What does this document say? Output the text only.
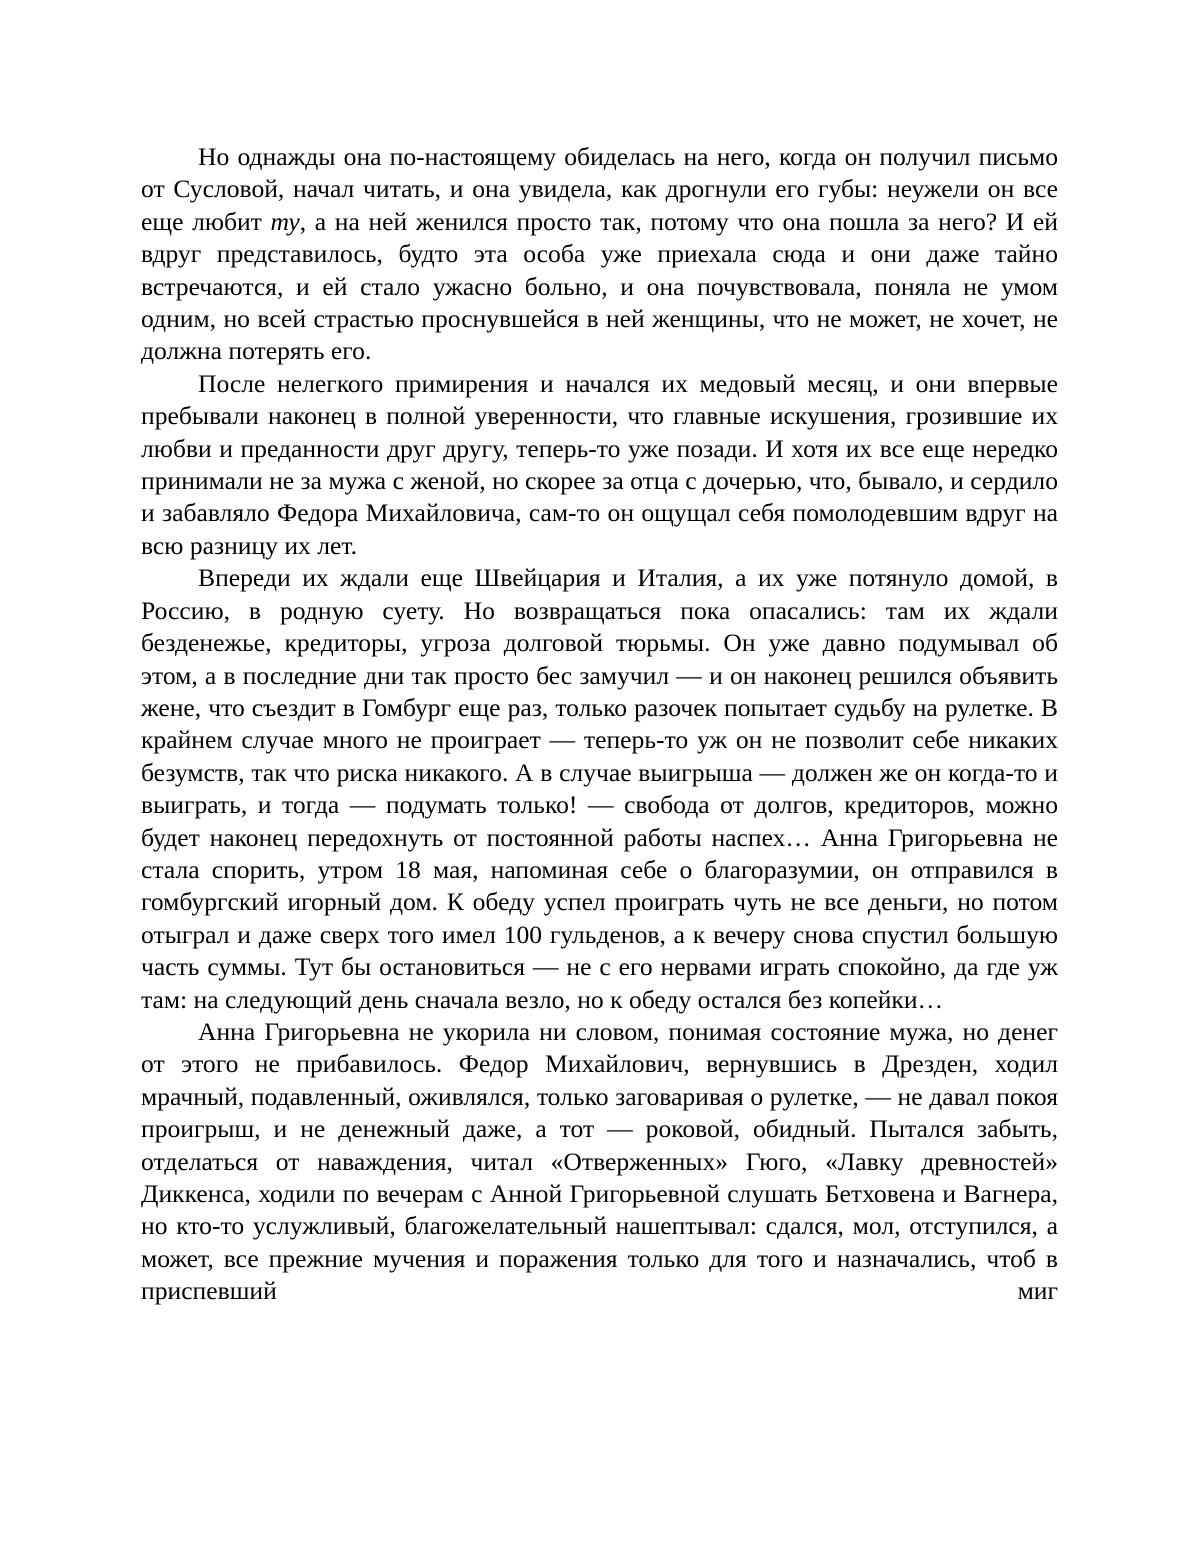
Но однажды она по-настоящему обиделась на него, когда он получил письмо от Сусловой, начал читать, и она увидела, как дрогнули его губы: неужели он все еще любит ту, а на ней женился просто так, потому что она пошла за него? И ей вдруг представилось, будто эта особа уже приехала сюда и они даже тайно встречаются, и ей стало ужасно больно, и она почувствовала, поняла не умом одним, но всей страстью проснувшейся в ней женщины, что не может, не хочет, не должна потерять его.

После нелегкого примирения и начался их медовый месяц, и они впервые пребывали наконец в полной уверенности, что главные искушения, грозившие их любви и преданности друг другу, теперь-то уже позади. И хотя их все еще нередко принимали не за мужа с женой, но скорее за отца с дочерью, что, бывало, и сердило и забавляло Федора Михайловича, сам-то он ощущал себя помолодевшим вдруг на всю разницу их лет.

Впереди их ждали еще Швейцария и Италия, а их уже потянуло домой, в Россию, в родную суету. Но возвращаться пока опасались: там их ждали безденежье, кредиторы, угроза долговой тюрьмы. Он уже давно подумывал об этом, а в последние дни так просто бес замучил — и он наконец решился объявить жене, что съездит в Гомбург еще раз, только разочек попытает судьбу на рулетке. В крайнем случае много не проиграет — теперь-то уж он не позволит себе никаких безумств, так что риска никакого. А в случае выигрыша — должен же он когда-то и выиграть, и тогда — подумать только! — свобода от долгов, кредиторов, можно будет наконец передохнуть от постоянной работы наспех… Анна Григорьевна не стала спорить, утром 18 мая, напоминая себе о благоразумии, он отправился в гомбургский игорный дом. К обеду успел проиграть чуть не все деньги, но потом отыграл и даже сверх того имел 100 гульденов, а к вечеру снова спустил большую часть суммы. Тут бы остановиться — не с его нервами играть спокойно, да где уж там: на следующий день сначала везло, но к обеду остался без копейки…

Анна Григорьевна не укорила ни словом, понимая состояние мужа, но денег от этого не прибавилось. Федор Михайлович, вернувшись в Дрезден, ходил мрачный, подавленный, оживлялся, только заговаривая о рулетке, — не давал покоя проигрыш, и не денежный даже, а тот — роковой, обидный. Пытался забыть, отделаться от наваждения, читал «Отверженных» Гюго, «Лавку древностей» Диккенса, ходили по вечерам с Анной Григорьевной слушать Бетховена и Вагнера, но кто-то услужливый, благожелательный нашептывал: сдался, мол, отступился, а может, все прежние мучения и поражения только для того и назначались, чтоб в приспевший миг
